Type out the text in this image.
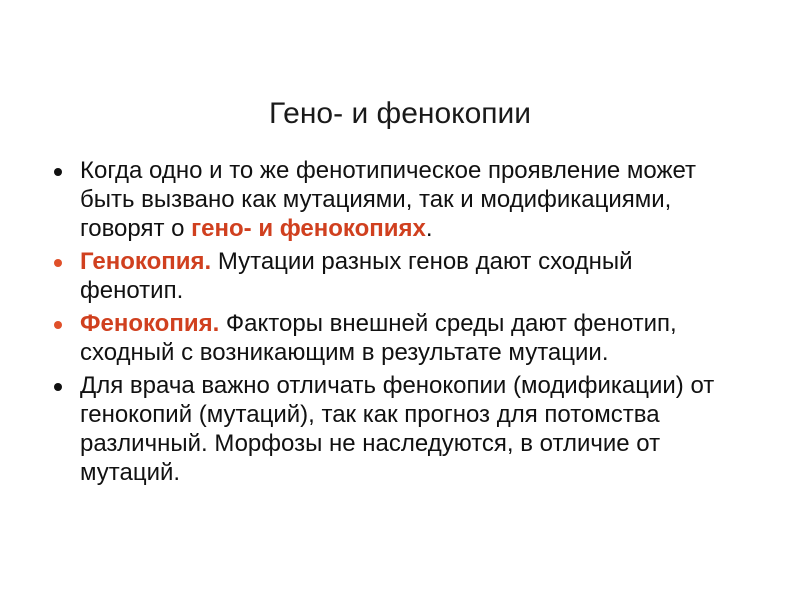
Гено- и фенокопии
Когда одно и то же фенотипическое проявление может быть вызвано как мутациями, так и модификациями, говорят о гено- и фенокопиях.
Генокопия. Мутации разных генов дают сходный фенотип.
Фенокопия. Факторы внешней среды дают фенотип, сходный с возникающим в результате мутации.
Для врача важно отличать фенокопии (модификации) от генокопий (мутаций), так как прогноз для потомства различный. Морфозы не наследуются, в отличие от мутаций.
